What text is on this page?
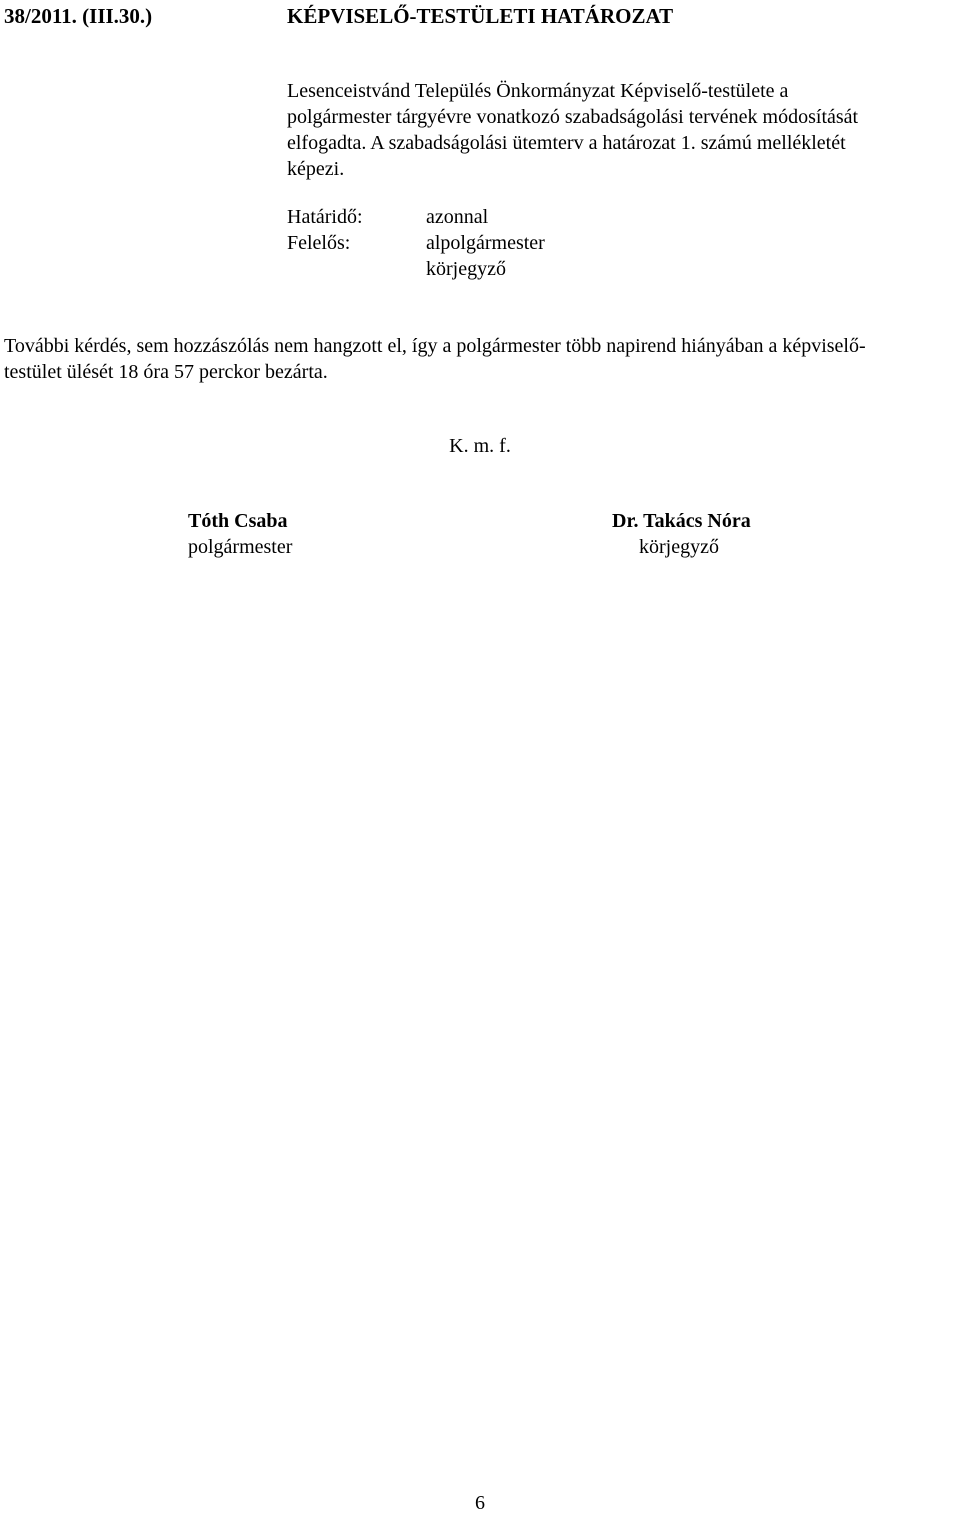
38/2011. (III.30.)	KÉPVISELŐ-TESTÜLETI HATÁROZAT
Lesenceistvánd Település Önkormányzat Képviselő-testülete a
polgármester tárgyévre vonatkozó szabadságolási tervének módosítását
elfogadta. A szabadságolási ütemterv a határozat 1. számú mellékletét
képezi.
Határidő:	azonnal
Felelős:	alpolgármester
körjegyző
További kérdés, sem hozzászólás nem hangzott el, így a polgármester több napirend hiányában a képviselő-
testület ülését 18 óra 57 perckor bezárta.
K. m. f.
Tóth Csaba
polgármester
Dr. Takács Nóra
körjegyző
6
